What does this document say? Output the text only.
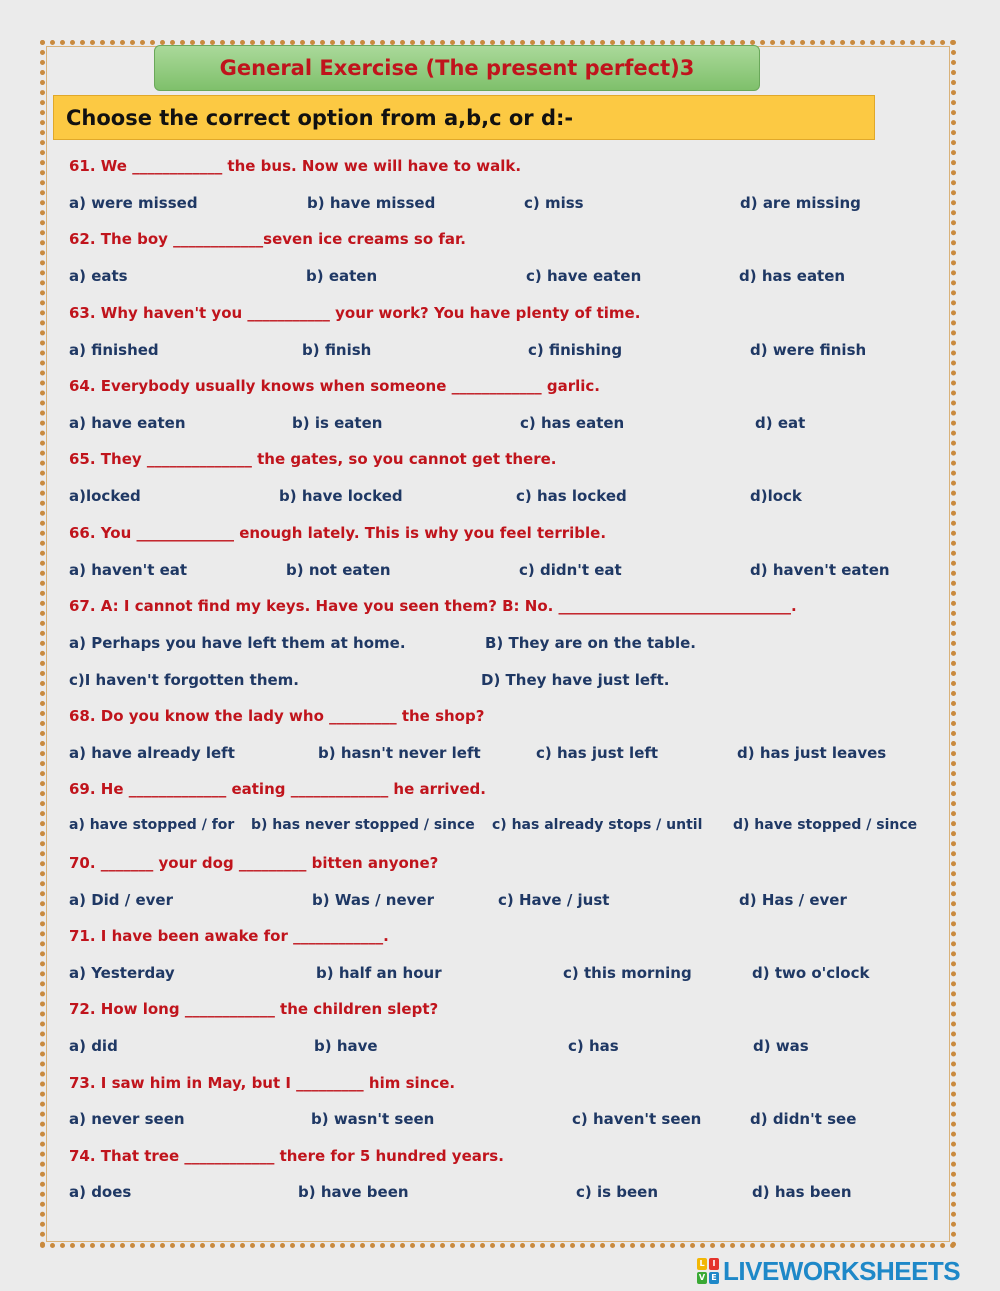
General Exercise (The present perfect)3
Choose the correct option from a,b,c or d:-
61. We ____________ the bus. Now we will have to walk.
a) were missed	b) have missed	c) miss	d) are missing
62. The boy ____________seven ice creams so far.
a) eats	b) eaten	c) have eaten	d) has eaten
63. Why haven't you ___________ your work? You have plenty of time.
a) finished	b) finish	c) finishing	d) were finish
64. Everybody usually knows when someone ____________ garlic.
a) have eaten	b) is eaten	c) has eaten	d) eat
65. They ______________ the gates, so you cannot get there.
a)locked	b) have locked	c) has locked	d)lock
66. You _____________ enough lately. This is why you feel terrible.
a) haven't eat	b) not eaten	c) didn't eat	d) haven't eaten
67. A: I cannot find my keys. Have you seen them? B: No. _______________________________.
a) Perhaps you have left them at home.	B) They are on the table.
c)I haven't forgotten them.	D) They have just left.
68. Do you know the lady who _________ the shop?
a) have already left	b) hasn't never left	c) has just left	d) has just leaves
69. He _____________ eating _____________ he arrived.
a) have stopped / for b) has never stopped / since c) has already stops / until d) have stopped / since
70. _______ your dog _________ bitten anyone?
a) Did / ever	b) Was / never	c) Have / just	d) Has / ever
71. I have been awake for ____________.
a) Yesterday	b) half an hour	c) this morning	d) two o'clock
72. How long ____________ the children slept?
a) did	b) have	c) has	d) was
73. I saw him in May, but I _________ him since.
a) never seen	b) wasn't seen	c) haven't seen	d) didn't see
74. That tree ____________ there for 5 hundred years.
a) does	b) have been	c) is been	d) has been
L I
V E LIVEWORKSHEETS
